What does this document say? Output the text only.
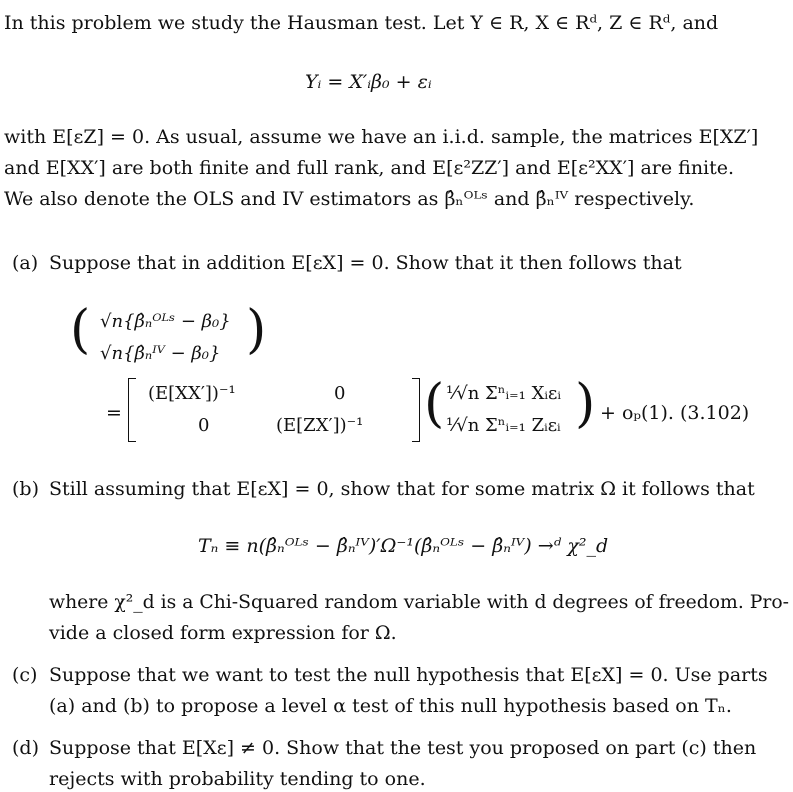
In this problem we study the Hausman test. Let Y ∈ R, X ∈ Rᵈ, Z ∈ Rᵈ, and
Yᵢ = X′ᵢβ₀ + εᵢ
with E[εZ] = 0. As usual, assume we have an i.i.d. sample, the matrices E[XZ′]
and E[XX′] are both finite and full rank, and E[ε²ZZ′] and E[ε²XX′] are finite.
We also denote the OLS and IV estimators as β̂ₙᴼᴸˢ and β̂ₙᴵⱽ respectively.
(a) Suppose that in addition E[εX] = 0. Show that it then follows that
( √n{β̂ₙᴼᴸˢ − β₀}
√n{β̂ₙᴵⱽ − β₀} )
=
(E[XX′])⁻¹	0
0	(E[ZX′])⁻¹ ( ¹⁄√n Σⁿᵢ₌₁ Xᵢεᵢ
¹⁄√n Σⁿᵢ₌₁ Zᵢεᵢ ) + oₚ(1). (3.102)
(b) Still assuming that E[εX] = 0, show that for some matrix Ω it follows that
Tₙ ≡ n(β̂ₙᴼᴸˢ − β̂ₙᴵⱽ)′Ω⁻¹(β̂ₙᴼᴸˢ − β̂ₙᴵⱽ) →ᵈ χ²_d
where χ²_d is a Chi-Squared random variable with d degrees of freedom. Pro-
vide a closed form expression for Ω.
(c) Suppose that we want to test the null hypothesis that E[εX] = 0. Use parts
(a) and (b) to propose a level α test of this null hypothesis based on Tₙ.
(d) Suppose that E[Xε] ≠ 0. Show that the test you proposed on part (c) then
rejects with probability tending to one.
